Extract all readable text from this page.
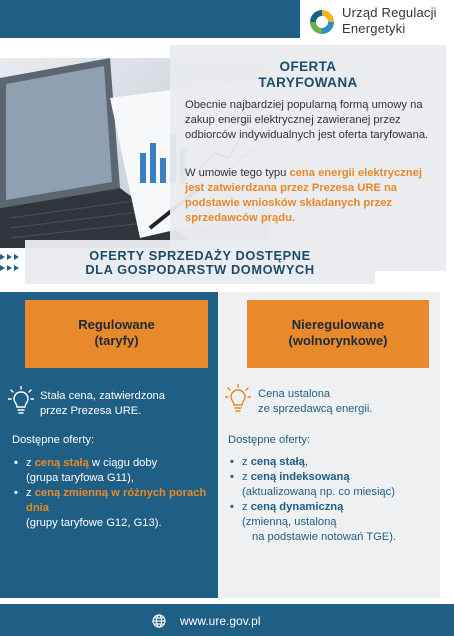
Urząd Regulacji
Energetyki
OFERTA
TARYFOWANA

Obecnie najbardziej popularną formą umowy na zakup energii elektrycznej zawieranej przez odbiorców indywidualnych jest oferta taryfowana.

W umowie tego typu cena energii elektrycznej jest zatwierdzana przez Prezesa URE na podstawie wniosków składanych przez sprzedawców prądu.

OFERTY SPRZEDAŻY DOSTĘPNE
DLA GOSPODARSTW DOMOWYCH
Regulowane
(taryfy)
Stała cena, zatwierdzona
przez Prezesa URE.
Dostępne oferty:
• z ceną stałą w ciągu doby
(grupa taryfowa G11),
• z ceną zmienną w różnych porach dnia
(grupy taryfowe G12, G13).
Nieregulowane
(wolnorynkowe)
Cena ustalona
ze sprzedawcą energii.
Dostępne oferty:
• z ceną stałą,
• z ceną indeksowaną
(aktualizowaną np. co miesiąc)
• z ceną dynamiczną
(zmienną, ustaloną
na podstawie notowań TGE).
www.ure.gov.pl
